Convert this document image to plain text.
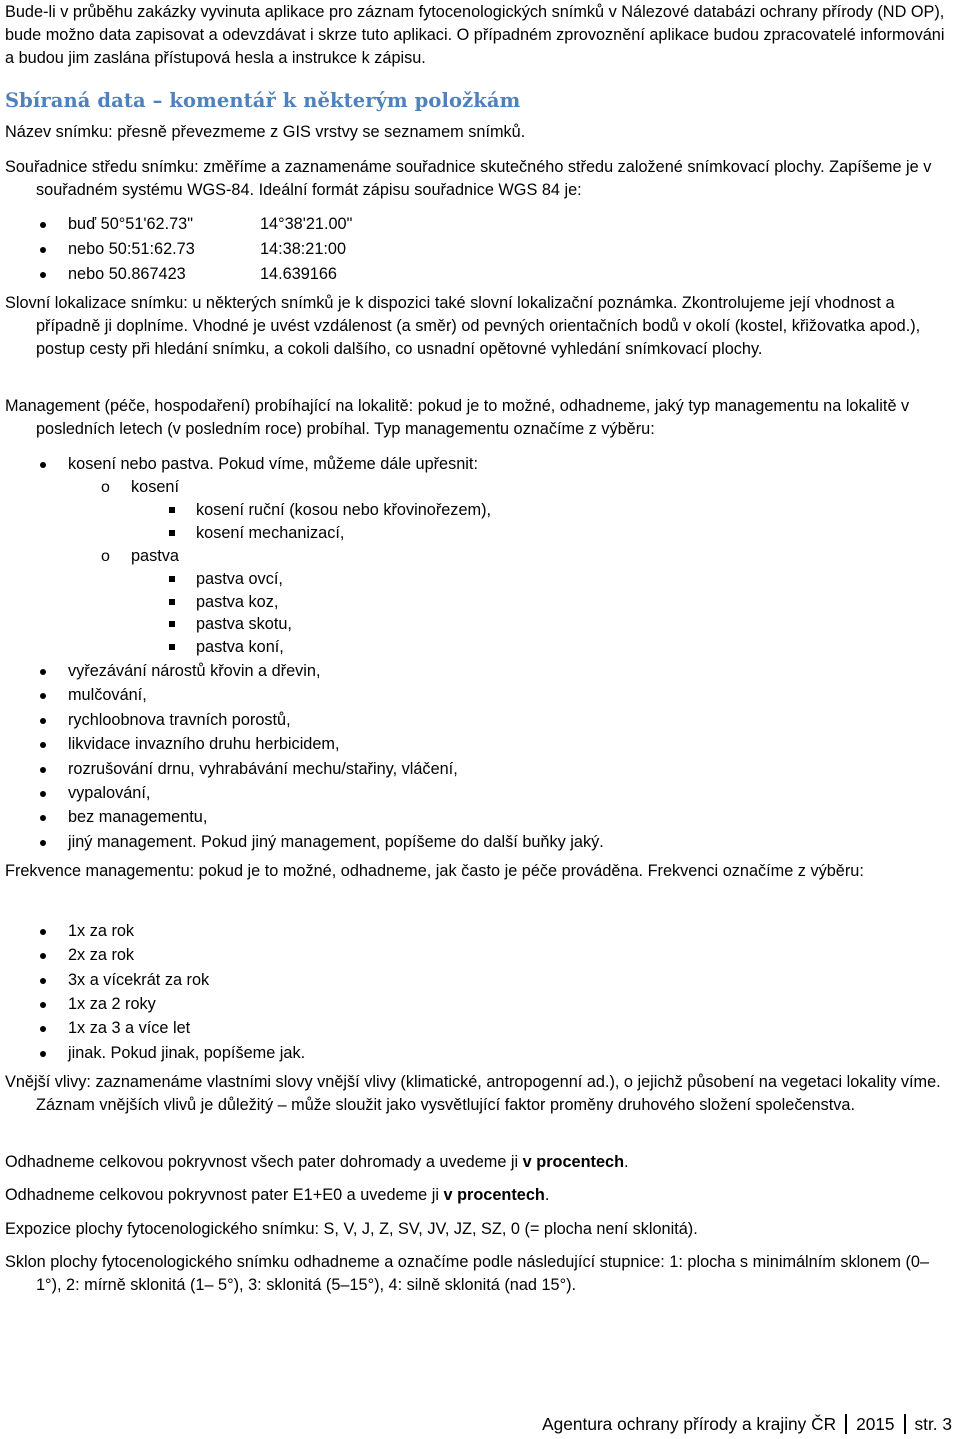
Bude-li v průběhu zakázky vyvinuta aplikace pro záznam fytocenologických snímků v Nálezové databázi ochrany přírody (ND OP), bude možno data zapisovat a odevzdávat i skrze tuto aplikaci. O případném zprovoznění aplikace budou zpracovatelé informováni a budou jim zaslána přístupová hesla a instrukce k zápisu.

Sbíraná data – komentář k některým položkám

Název snímku: přesně převezmeme z GIS vrstvy se seznamem snímků.

Souřadnice středu snímku: změříme a zaznamenáme souřadnice skutečného středu založené snímkovací plochy. Zapíšeme je v souřadném systému WGS-84. Ideální formát zápisu souřadnice WGS 84 je:

buď 50°51'62.73"	14°38'21.00"
nebo 50:51:62.73	14:38:21:00
nebo 50.867423	14.639166

Slovní lokalizace snímku: u některých snímků je k dispozici také slovní lokalizační poznámka. Zkontrolujeme její vhodnost a případně ji doplníme. Vhodné je uvést vzdálenost (a směr) od pevných orientačních bodů v okolí (kostel, křižovatka apod.), postup cesty při hledání snímku, a cokoli dalšího, co usnadní opětovné vyhledání snímkovací plochy.

Management (péče, hospodaření) probíhající na lokalitě: pokud je to možné, odhadneme, jaký typ managementu na lokalitě v posledních letech (v posledním roce) probíhal. Typ managementu označíme z výběru:

kosení nebo pastva. Pokud víme, můžeme dále upřesnit:
o kosení
kosení ruční (kosou nebo křovinořezem),
kosení mechanizací,
o pastva
pastva ovcí,
pastva koz,
pastva skotu,
pastva koní,
vyřezávání nárostů křovin a dřevin,
mulčování,
rychloobnova travních porostů,
likvidace invazního druhu herbicidem,
rozrušování drnu, vyhrabávání mechu/stařiny, vláčení,
vypalování,
bez managementu,
jiný management. Pokud jiný management, popíšeme do další buňky jaký.

Frekvence managementu: pokud je to možné, odhadneme, jak často je péče prováděna. Frekvenci označíme z výběru:

1x za rok
2x za rok
3x a vícekrát za rok
1x za 2 roky
1x za 3 a více let
jinak. Pokud jinak, popíšeme jak.

Vnější vlivy: zaznamenáme vlastními slovy vnější vlivy (klimatické, antropogenní ad.), o jejichž působení na vegetaci lokality víme. Záznam vnějších vlivů je důležitý – může sloužit jako vysvětlující faktor proměny druhového složení společenstva.

Odhadneme celkovou pokryvnost všech pater dohromady a uvedeme ji v procentech.

Odhadneme celkovou pokryvnost pater E1+E0 a uvedeme ji v procentech.

Expozice plochy fytocenologického snímku: S, V, J, Z, SV, JV, JZ, SZ, 0 (= plocha není sklonitá).

Sklon plochy fytocenologického snímku odhadneme a označíme podle následující stupnice: 1: plocha s minimálním sklonem (0–1°), 2: mírně sklonitá (1– 5°), 3: sklonitá (5–15°), 4: silně sklonitá (nad 15°).

Agentura ochrany přírody a krajiny ČR 2015 str. 3
